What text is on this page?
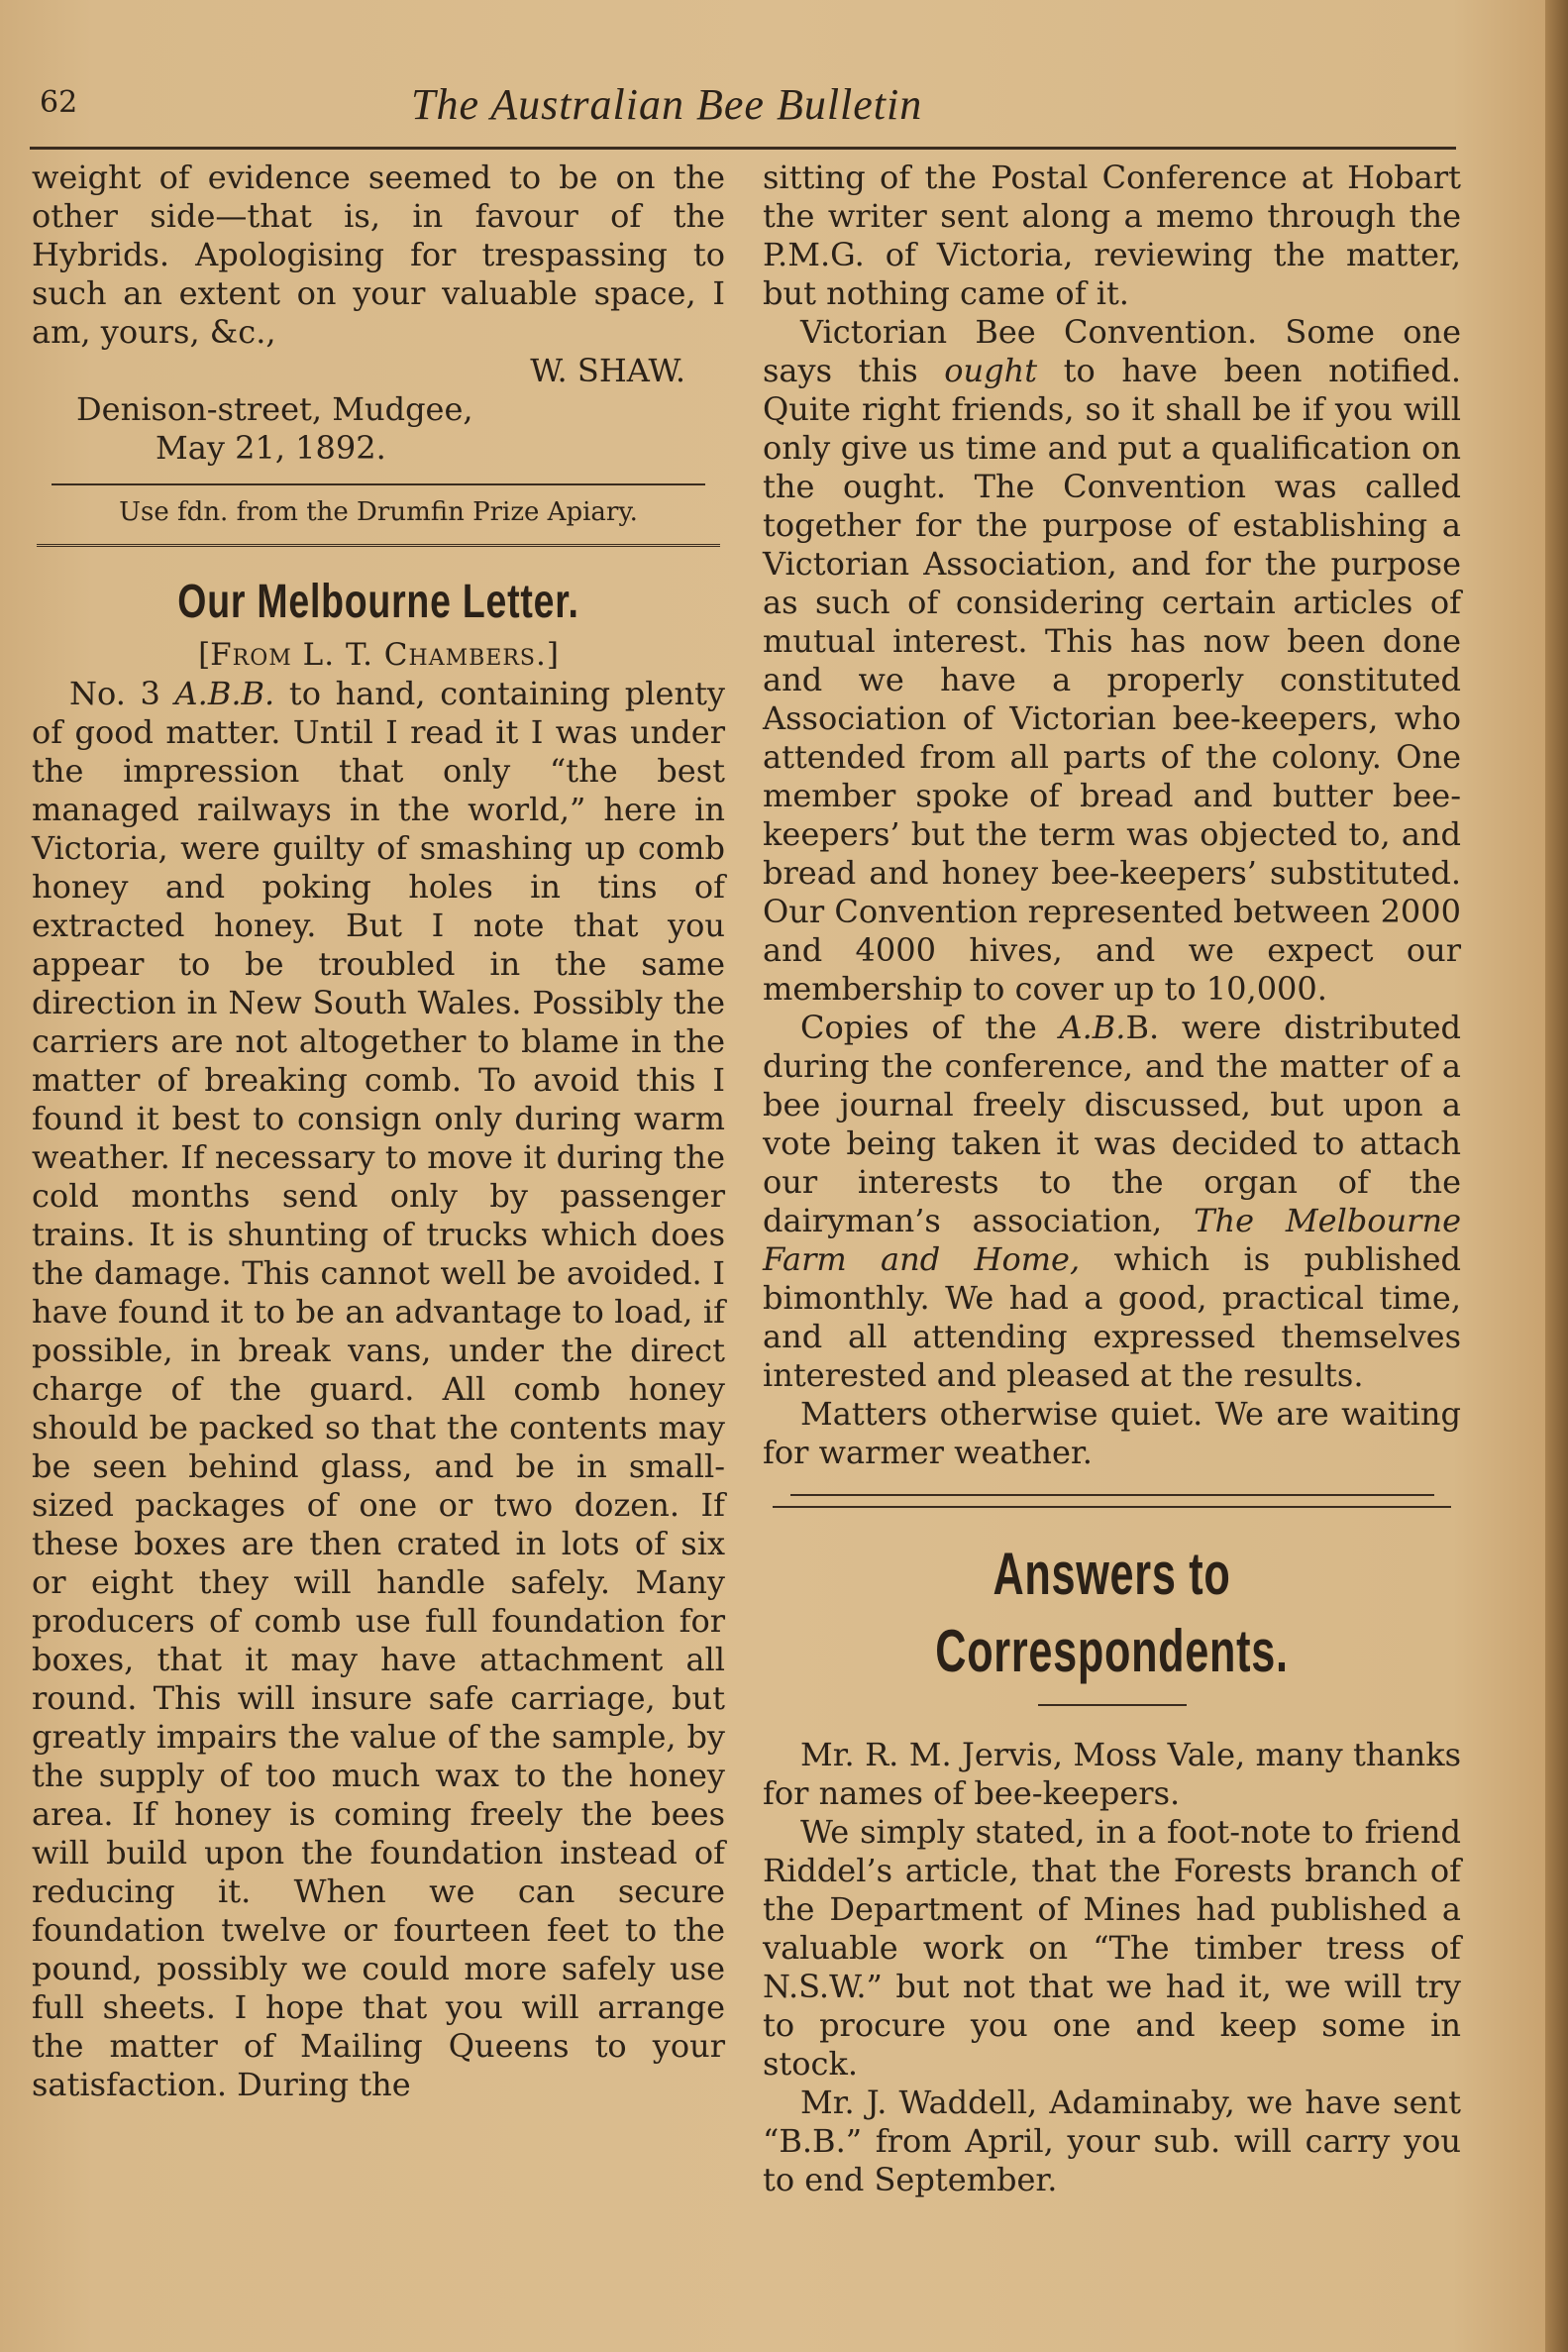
62	The Australian Bee Bulletin

weight of evidence seemed to be on the other side—that is, in favour of the Hybrids. Apologising for trespassing to such an extent on your valuable space, I am, yours, &c.,

W. SHAW.
Denison-street, Mudgee,
May 21, 1892.
Use fdn. from the Drumfin Prize Apiary.
Our Melbourne Letter.
[From L. T. Chambers.]

No. 3 A.B.B. to hand, containing plenty of good matter. Until I read it I was under the impression that only “the best managed railways in the world,” here in Victoria, were guilty of smashing up comb honey and poking holes in tins of extracted honey. But I note that you appear to be troubled in the same direction in New South Wales. Possibly the carriers are not altogether to blame in the matter of breaking comb. To avoid this I found it best to consign only during warm weather. If necessary to move it during the cold months send only by passenger trains. It is shunting of trucks which does the damage. This cannot well be avoided. I have found it to be an advantage to load, if possible, in break vans, under the direct charge of the guard. All comb honey should be packed so that the contents may be seen behind glass, and be in small-sized packages of one or two dozen. If these boxes are then crated in lots of six or eight they will handle safely. Many producers of comb use full foundation for boxes, that it may have attachment all round. This will insure safe carriage, but greatly impairs the value of the sample, by the supply of too much wax to the honey area. If honey is coming freely the bees will build upon the foundation instead of reducing it. When we can secure foundation twelve or fourteen feet to the pound, possibly we could more safely use full sheets. I hope that you will arrange the matter of Mailing Queens to your satisfaction. During the

sitting of the Postal Conference at Hobart the writer sent along a memo through the P.M.G. of Victoria, reviewing the matter, but nothing came of it.

Victorian Bee Convention. Some one says this ought to have been notified. Quite right friends, so it shall be if you will only give us time and put a qualification on the ought. The Convention was called together for the purpose of establishing a Victorian Association, and for the purpose as such of considering certain articles of mutual interest. This has now been done and we have a properly constituted Association of Victorian bee-keepers, who attended from all parts of the colony. One member spoke of bread and butter bee-keepers’ but the term was objected to, and bread and honey bee-keepers’ substituted. Our Convention represented between 2000 and 4000 hives, and we expect our membership to cover up to 10,000.

Copies of the A.B.B. were distributed during the conference, and the matter of a bee journal freely discussed, but upon a vote being taken it was decided to attach our interests to the organ of the dairyman’s association, The Melbourne Farm and Home, which is published bimonthly. We had a good, practical time, and all attending expressed themselves interested and pleased at the results.

Matters otherwise quiet. We are waiting for warmer weather.

Answers to Correspondents.

Mr. R. M. Jervis, Moss Vale, many thanks for names of bee-keepers.

We simply stated, in a foot-note to friend Riddel’s article, that the Forests branch of the Department of Mines had published a valuable work on “The timber tress of N.S.W.” but not that we had it, we will try to procure you one and keep some in stock.

Mr. J. Waddell, Adaminaby, we have sent “B.B.” from April, your sub. will carry you to end September.
